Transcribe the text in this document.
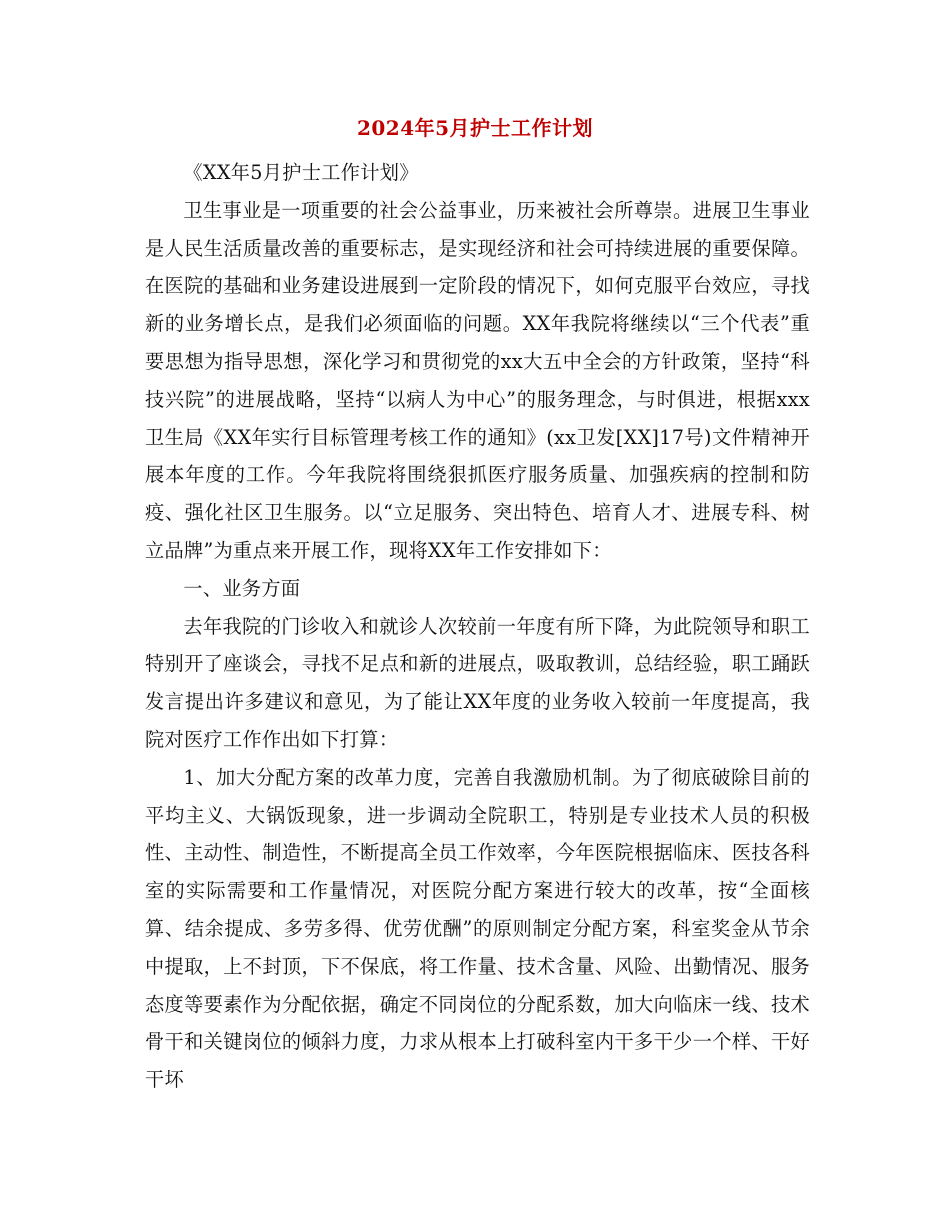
2024年5月护士工作计划

《XX年5月护士工作计划》

卫生事业是一项重要的社会公益事业，历来被社会所尊崇。进展卫生事业是人民生活质量改善的重要标志，是实现经济和社会可持续进展的重要保障。在医院的基础和业务建设进展到一定阶段的情况下，如何克服平台效应，寻找新的业务增长点，是我们必须面临的问题。XX年我院将继续以“三个代表”重要思想为指导思想，深化学习和贯彻党的xx大五中全会的方针政策，坚持“科技兴院”的进展战略，坚持“以病人为中心”的服务理念，与时俱进，根据xxx卫生局《XX年实行目标管理考核工作的通知》(xx卫发[XX]17号)文件精神开展本年度的工作。今年我院将围绕狠抓医疗服务质量、加强疾病的控制和防疫、强化社区卫生服务。以“立足服务、突出特色、培育人才、进展专科、树立品牌”为重点来开展工作，现将XX年工作安排如下：

一、业务方面

去年我院的门诊收入和就诊人次较前一年度有所下降，为此院领导和职工特别开了座谈会，寻找不足点和新的进展点，吸取教训，总结经验，职工踊跃发言提出许多建议和意见，为了能让XX年度的业务收入较前一年度提高，我院对医疗工作作出如下打算：

1、加大分配方案的改革力度，完善自我激励机制。为了彻底破除目前的平均主义、大锅饭现象，进一步调动全院职工，特别是专业技术人员的积极性、主动性、制造性，不断提高全员工作效率，今年医院根据临床、医技各科室的实际需要和工作量情况，对医院分配方案进行较大的改革，按“全面核算、结余提成、多劳多得、优劳优酬”的原则制定分配方案，科室奖金从节余中提取，上不封顶，下不保底，将工作量、技术含量、风险、出勤情况、服务态度等要素作为分配依据，确定不同岗位的分配系数，加大向临床一线、技术骨干和关键岗位的倾斜力度，力求从根本上打破科室内干多干少一个样、干好干坏
